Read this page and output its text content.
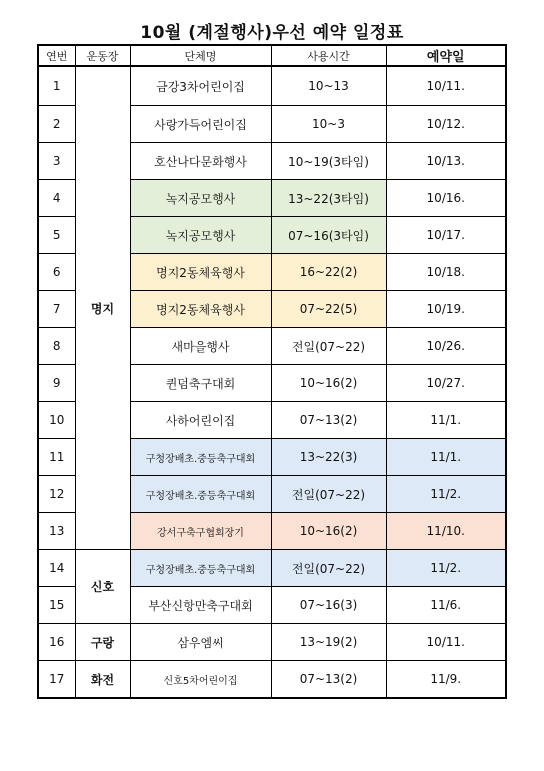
10월 (계절행사)우선 예약 일정표
연번	운동장	단체명	사용시간	예약일
1	명지	금강3차어린이집	10~13	10/11.
2		사랑가득어린이집	10~3	10/12.
3		호산나다문화행사	10~19(3타임)	10/13.
4		녹지공모행사	13~22(3타임)	10/16.
5		녹지공모행사	07~16(3타임)	10/17.
6		명지2동체육행사	16~22(2)	10/18.
7		명지2동체육행사	07~22(5)	10/19.
8		새마을행사	전일(07~22)	10/26.
9		퀸덤축구대회	10~16(2)	10/27.
10		사하어린이집	07~13(2)	11/1.
11		구청장배초.중등축구대회	13~22(3)	11/1.
12		구청장배초.중등축구대회	전일(07~22)	11/2.
13		강서구축구협회장기	10~16(2)	11/10.
14	신호	구청장배초.중등축구대회	전일(07~22)	11/2.
15		부산신항만축구대회	07~16(3)	11/6.
16	구랑	삼우엠씨	13~19(2)	10/11.
17	화전	신호5차어린이집	07~13(2)	11/9.
